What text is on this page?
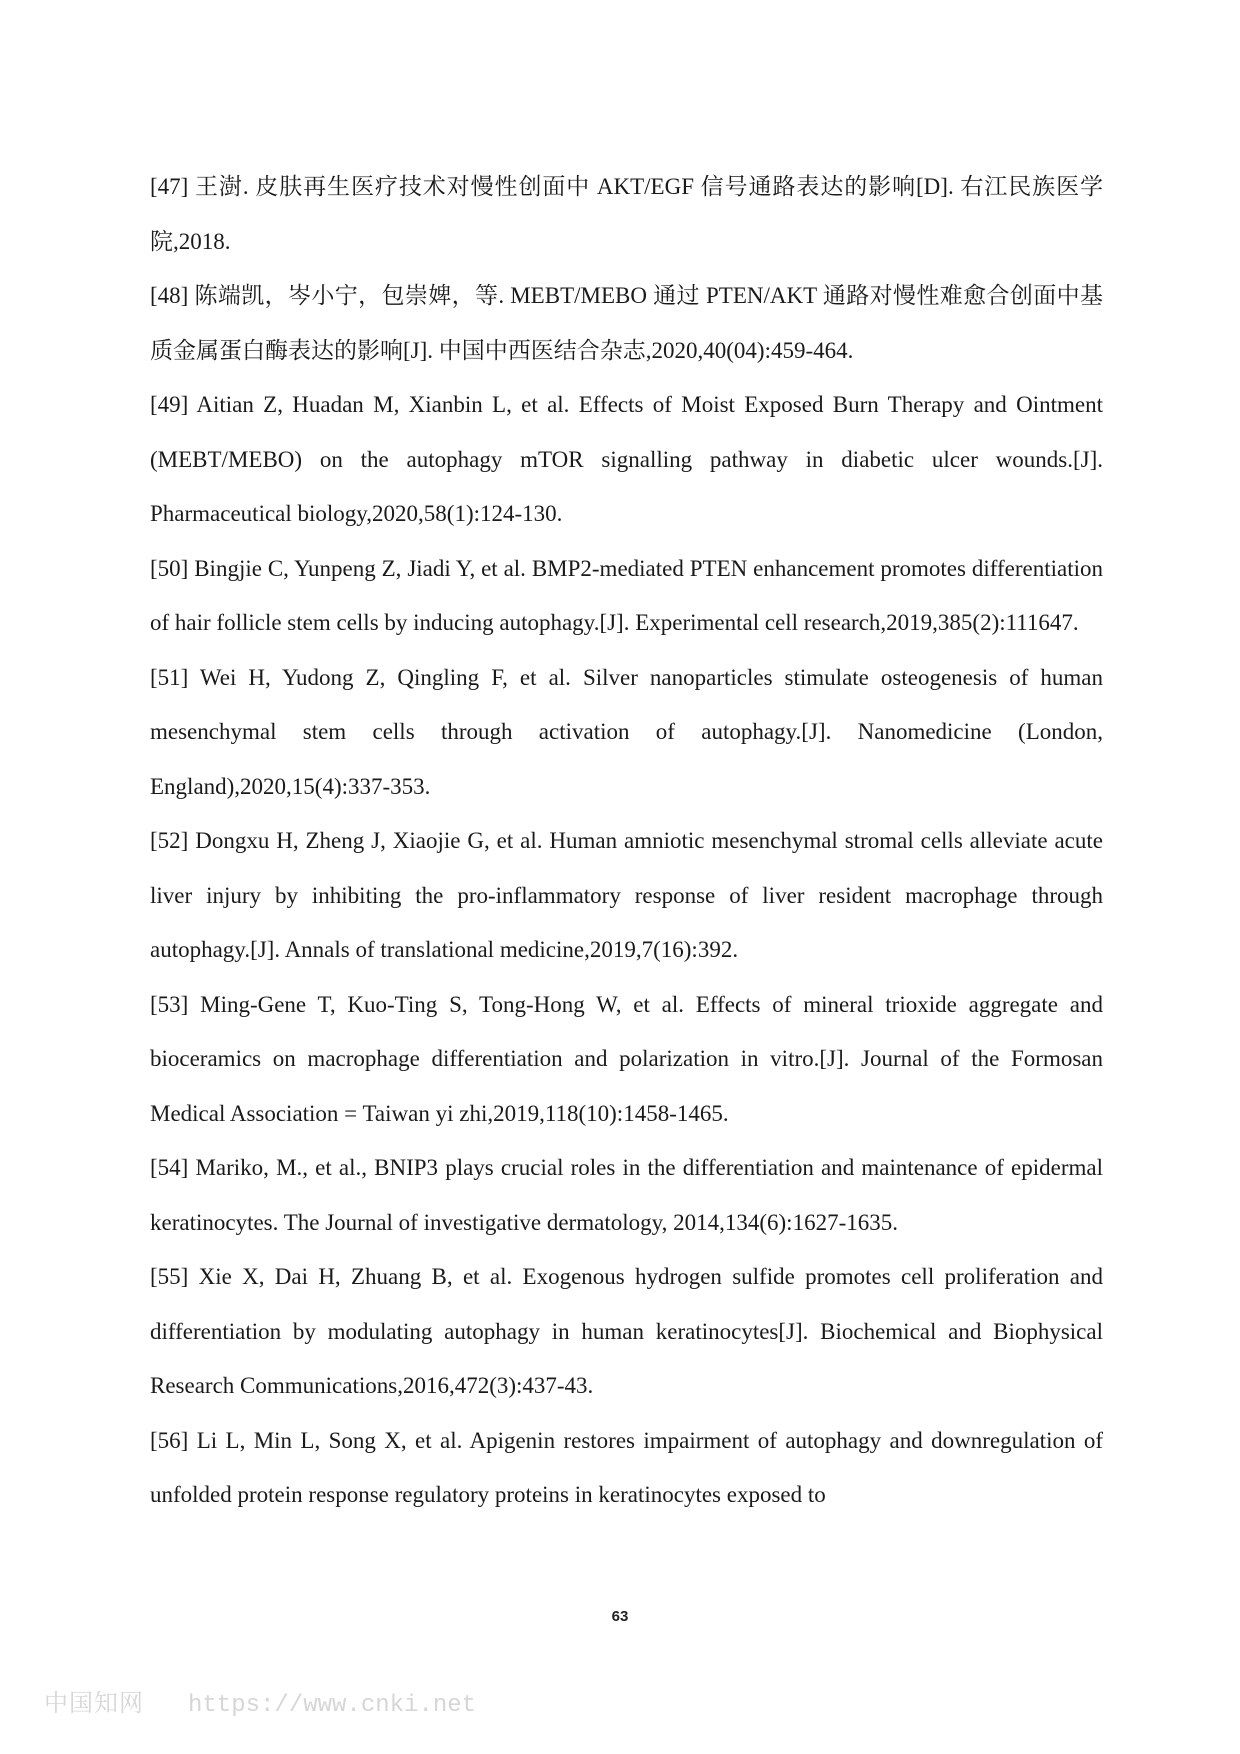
[47] 王澍. 皮肤再生医疗技术对慢性创面中 AKT/EGF 信号通路表达的影响[D]. 右江民族医学院,2018.

[48] 陈端凯，岑小宁，包崇婢，等. MEBT/MEBO 通过 PTEN/AKT 通路对慢性难愈合创面中基质金属蛋白酶表达的影响[J]. 中国中西医结合杂志,2020,40(04):459-464.

[49] Aitian Z, Huadan M, Xianbin L, et al. Effects of Moist Exposed Burn Therapy and Ointment (MEBT/MEBO) on the autophagy mTOR signalling pathway in diabetic ulcer wounds.[J]. Pharmaceutical biology,2020,58(1):124-130.

[50] Bingjie C, Yunpeng Z, Jiadi Y, et al. BMP2-mediated PTEN enhancement promotes differentiation of hair follicle stem cells by inducing autophagy.[J]. Experimental cell research,2019,385(2):111647.

[51] Wei H, Yudong Z, Qingling F, et al. Silver nanoparticles stimulate osteogenesis of human mesenchymal stem cells through activation of autophagy.[J]. Nanomedicine (London, England),2020,15(4):337-353.

[52] Dongxu H, Zheng J, Xiaojie G, et al. Human amniotic mesenchymal stromal cells alleviate acute liver injury by inhibiting the pro-inflammatory response of liver resident macrophage through autophagy.[J]. Annals of translational medicine,2019,7(16):392.

[53] Ming-Gene T, Kuo-Ting S, Tong-Hong W, et al. Effects of mineral trioxide aggregate and bioceramics on macrophage differentiation and polarization in vitro.[J]. Journal of the Formosan Medical Association = Taiwan yi zhi,2019,118(10):1458-1465.

[54] Mariko, M., et al., BNIP3 plays crucial roles in the differentiation and maintenance of epidermal keratinocytes. The Journal of investigative dermatology, 2014,134(6):1627-1635.

[55] Xie X, Dai H, Zhuang B, et al. Exogenous hydrogen sulfide promotes cell proliferation and differentiation by modulating autophagy in human keratinocytes[J]. Biochemical and Biophysical Research Communications,2016,472(3):437-43.

[56] Li L, Min L, Song X, et al. Apigenin restores impairment of autophagy and downregulation of unfolded protein response regulatory proteins in keratinocytes exposed to

63
中国知网 https://www.cnki.net
